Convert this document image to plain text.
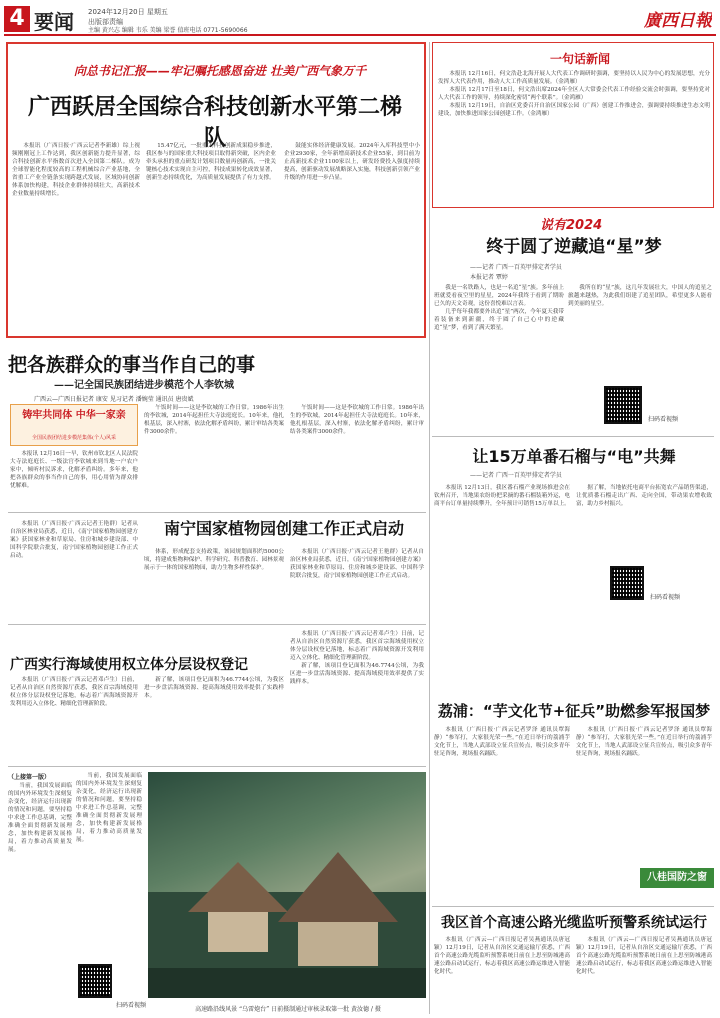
4 要闻 2024年12月20日 星期五
出版部责编
主编 黄兴志 编辑 韦乐 美编 梁誉 值班电话 0771-5690066	廣西日報
向总书记汇报——牢记嘱托感恩奋进 壮美广西气象万千
广西跃居全国综合科技创新水平第二梯队

本报讯（广西日报·广西云记者李新雄）综上视频刚刚冠上工作达到，我区创新能力提升显著，综合科技创新水平指数首次进入全国第二梯队。成为全球智能化程度较高的工程机械综合产业基地，全省重工产业全链条实现跨越式发展，区域协同创新体系加快构建，科技企业群体持续壮大，高新技术企业数量持续增长。

15.47亿元，一批重大科技创新成果稳步推进，我区参与的国家重大科技项目取得新突破，区内企业牵头承担的重点研发计划项目数量再创新高，一批关键核心技术实现自主可控，科技成果转化成效显著，创新生态持续优化，为高质量发展提供了有力支撑。

鼓能实体经济健康发展。2024年入库科技型中小企业2930家，全年新增高新技术企业55家，到目前为止高新技术企业1100家以上，研发经费投入强度持续提高，创新驱动发展战略深入实施，科技创新引领产业升级的作用进一步凸显。

一句话新闻

本报讯 12月16日，何文浩赴北海开展人大代表工作调研时强调，要坚持以人民为中心的发展思想，充分发挥人大代表作用，推动人大工作高质量发展。（金鸿雁）

本报讯 12月17日至18日，何文浩出席2024年全区人大常委会代表工作经验交流会时强调，要坚持党对人大代表工作的领导，持续深化密切“两个联系”。（金鸿雁）

本报讯 12月19日，自治区党委召开自治区国家公园（广西）创建工作推进会，强调要持续推进生态文明建设，加快推进国家公园创建工作。（金鸿雁）

说有2024
终于圆了逆藏追“星”梦
——记者 广西一百英甲排定者学员
本报记者 覃婷

我是一名铁路人，也是一名追“星”族。多年前上班就爱看夜空里的星星，2024年我终于看到了期盼已久的天文奇观，这份喜悦难以言表。

几乎每年我都要外出追“星”两次，今年夏天我带着装备来到新疆，终于圆了自己心中的逆藏追“星”梦，看到了满天繁星。

我所在的“星”族，这几年发展壮大，中国人的追星之旅越来越热，为此我们组建了追星团队，希望更多人能看到美丽的星空。

扫码看视频
让15万单番石榴与“电”共舞
——记者 广西一百英甲排定者学员

本报讯 12月13日，我区番石榴产业现场推进会在钦州召开，当地果农纷纷把采摘的番石榴装箱外运，电商平台订单量持续攀升，全年预计可销售15万单以上。

据了解，当地依托电商平台拓宽农产品销售渠道，让优质番石榴走出广西、走向全国，带动果农增收致富，助力乡村振兴。

扫码看视频
把各族群众的事当作自己的事
——记全国民族团结进步模范个人李钦城
广西云—广西日报记者 康安 见习记者 潘婉莹 通讯员 唐贵斌
铸牢共同体 中华一家亲
全国民族团结进步模范集体(个人)风采

本报讯 12月16日一早，钦州市钦北区人民法院大寺法庭庭长、一级法官李钦城来到当地一户农户家中，倾听村民诉求，化解矛盾纠纷。多年来，他把各族群众的事当作自己的事，用心用情为群众排忧解难。

午饭时间——这是李钦城的工作日常。1986年出生的李钦城，2014年起担任大寺法庭庭长。10年来，他扎根基层，深入村寨，依法化解矛盾纠纷，累计审结各类案件3000余件。

午饭时间——这是李钦城的工作日常。1986年出生的李钦城，2014年起担任大寺法庭庭长。10年来，他扎根基层，深入村寨，依法化解矛盾纠纷，累计审结各类案件3000余件。

南宁国家植物园创建工作正式启动

本报讯（广西日报·广西云记者王艳群）记者从自治区林业局获悉，近日，《南宁国家植物园创建方案》获国家林业和草原局、住房和城乡建设部、中国科学院联合批复，南宁国家植物园创建工作正式启动。

体系，形成配套支持政策，该园规划面积约5000公顷，将建成集物种保护、科学研究、科普教育、园林景观展示于一体的国家植物园，助力生物多样性保护。

本报讯（广西日报·广西云记者王艳群）记者从自治区林业局获悉，近日，《南宁国家植物园创建方案》获国家林业和草原局、住房和城乡建设部、中国科学院联合批复，南宁国家植物园创建工作正式启动。

广西实行海域使用权立体分层设权登记

本报讯（广西日报·广西云记者邓卢生）日前，记者从自治区自然资源厅获悉，我区首宗海域使用权立体分层设权登记落地，标志着广西海域资源开发利用迈入立体化、精细化管理新阶段。

新了解，该项目登记面积为46.7744公顷，为我区进一步盘活海域资源、提高海域使用效率提供了实践样本。

本报讯（广西日报·广西云记者邓卢生）日前，记者从自治区自然资源厅获悉，我区首宗海域使用权立体分层设权登记落地，标志着广西海域资源开发利用迈入立体化、精细化管理新阶段。

新了解，该项目登记面积为46.7744公顷，为我区进一步盘活海域资源、提高海域使用效率提供了实践样本。

（上接第一版）

当前，我国发展面临的国内外环境发生深刻复杂变化，经济运行出现新的情况和问题，要坚持稳中求进工作总基调，完整准确全面贯彻新发展理念，加快构建新发展格局，着力推动高质量发展。

当前，我国发展面临的国内外环境发生深刻复杂变化，经济运行出现新的情况和问题，要坚持稳中求进工作总基调，完整准确全面贯彻新发展理念，加快构建新发展格局，着力推动高质量发展。

扫码看视频
高速路沿线风景 “乌雷炮台” 日前摄制通过审核录取第一批 黄汝德 / 摄
荔浦：“芋文化节+征兵”助燃参军报国梦

本报讯（广西日报·广西云记者罗泽 通讯员覃海静）“参军打，大家很光荣一些。”在近日举行的荔浦芋文化节上，当地人武部设立征兵宣传点，吸引众多青年驻足咨询，现场报名踊跃。

本报讯（广西日报·广西云记者罗泽 通讯员覃海静）“参军打，大家很光荣一些。”在近日举行的荔浦芋文化节上，当地人武部设立征兵宣传点，吸引众多青年驻足咨询，现场报名踊跃。

八桂国防之窗
我区首个高速公路光缆监听预警系统试运行

本报讯（广西云—广西日报记者吴燕通讯员唐冠颖）12月19日，记者从自治区交通运输厅获悉，广西首个高速公路光缆监听预警系统日前在上思至防城港高速公路启动试运行，标志着我区高速公路运维进入智能化时代。

本报讯（广西云—广西日报记者吴燕通讯员唐冠颖）12月19日，记者从自治区交通运输厅获悉，广西首个高速公路光缆监听预警系统日前在上思至防城港高速公路启动试运行，标志着我区高速公路运维进入智能化时代。
